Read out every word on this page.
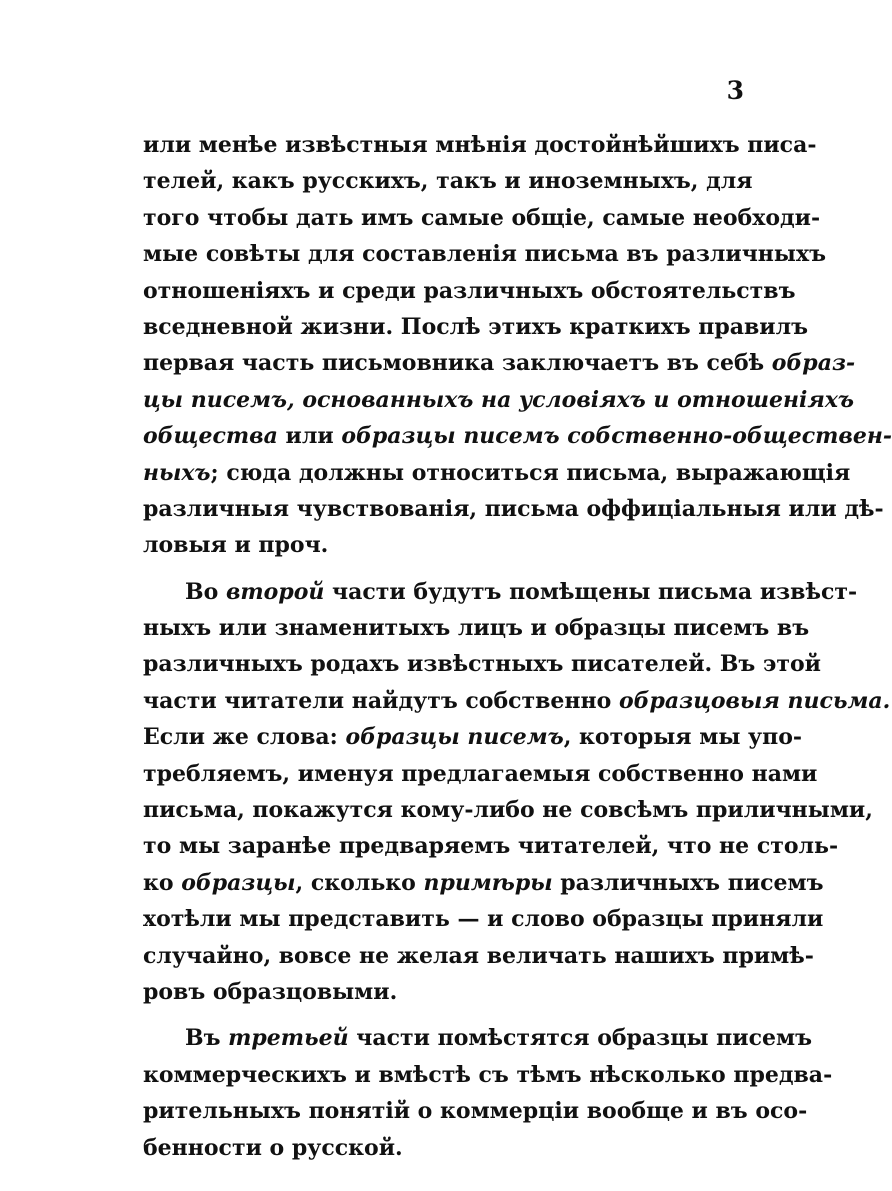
3
или менѣе извѣстныя мнѣнія достойнѣйшихъ писа-
телей, какъ русскихъ, такъ и иноземныхъ, для
того чтобы дать имъ самые общіе, самые необходи-
мые совѣты для составленія письма въ различныхъ
отношеніяхъ и среди различныхъ обстоятельствъ
вседневной жизни. Послѣ этихъ краткихъ правилъ
первая часть письмовника заключаетъ въ себѣ образ-
цы писемъ, основанныхъ на условіяхъ и отношеніяхъ
общества или образцы писемъ собственно-обществен-
ныхъ; сюда должны относиться письма, выражающія
различныя чувствованія, письма оффиціальныя или дѣ-
ловыя и проч.
Во второй части будутъ помѣщены письма извѣст-
ныхъ или знаменитыхъ лицъ и образцы писемъ въ
различныхъ родахъ извѣстныхъ писателей. Въ этой
части читатели найдутъ собственно образцовыя письма.
Если же слова: образцы писемъ, которыя мы упо-
требляемъ, именуя предлагаемыя собственно нами
письма, покажутся кому-либо не совсѣмъ приличными,
то мы заранѣе предваряемъ читателей, что не столь-
ко образцы, сколько примѣры различныхъ писемъ
хотѣли мы представить — и слово образцы приняли
случайно, вовсе не желая величать нашихъ примѣ-
ровъ образцовыми.
Въ третьей части помѣстятся образцы писемъ
коммерческихъ и вмѣстѣ съ тѣмъ нѣсколько предва-
рительныхъ понятій о коммерціи вообще и въ осо-
бенности о русской.
